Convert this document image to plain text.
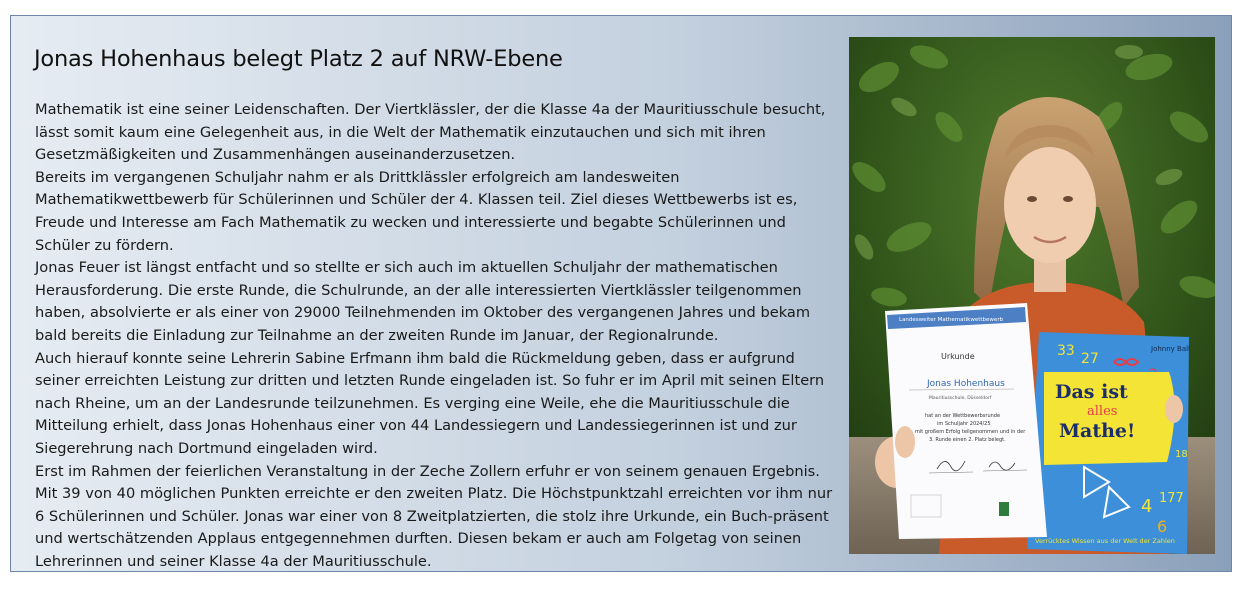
Jonas Hohenhaus belegt Platz 2 auf NRW-Ebene

Mathematik ist eine seiner Leidenschaften. Der Viertklässler, der die Klasse 4a der Mauritiusschule besucht, lässt somit kaum eine Gelegenheit aus, in die Welt der Mathematik einzutauchen und sich mit ihren Gesetzmäßigkeiten und Zusammenhängen auseinanderzusetzen.

Bereits im vergangenen Schuljahr nahm er als Drittklässler erfolgreich am landesweiten Mathematikwettbewerb für Schülerinnen und Schüler der 4. Klassen teil. Ziel dieses Wettbewerbs ist es, Freude und Interesse am Fach Mathematik zu wecken und interessierte und begabte Schülerinnen und Schüler zu fördern.

Jonas Feuer ist längst entfacht und so stellte er sich auch im aktuellen Schuljahr der mathematischen Herausforderung. Die erste Runde, die Schulrunde, an der alle interessierten Viertklässler teilgenommen haben, absolvierte er als einer von 29000 Teilnehmenden im Oktober des vergangenen Jahres und bekam bald bereits die Einladung zur Teilnahme an der zweiten Runde im Januar, der Regionalrunde.

Auch hierauf konnte seine Lehrerin Sabine Erfmann ihm bald die Rückmeldung geben, dass er aufgrund seiner erreichten Leistung zur dritten und letzten Runde eingeladen ist. So fuhr er im April mit seinen Eltern nach Rheine, um an der Landesrunde teilzunehmen. Es verging eine Weile, ehe die Mauritiusschule die Mitteilung erhielt, dass Jonas Hohenhaus einer von 44 Landessiegern und Landessiegerinnen ist und zur Siegerehrung nach Dortmund eingeladen wird.

Erst im Rahmen der feierlichen Veranstaltung in der Zeche Zollern erfuhr er von seinem genauen Ergebnis. Mit 39 von 40 möglichen Punkten erreichte er den zweiten Platz. Die Höchstpunktzahl erreichten vor ihm nur 6 Schülerinnen und Schüler. Jonas war einer von 8 Zweitplatzierten, die stolz ihre Urkunde, ein Buch-präsent und wertschätzenden Applaus entgegennehmen durften. Diesen bekam er auch am Folgetag von seinen Lehrerinnen und seiner Klasse 4a der Mauritiusschule.

Johnny Ball
33 27
Das ist
alles
Mathe!
18
4 177
6
Verrücktes Wissen aus der Welt der Zahlen
Landesweiter Mathematikwettbewerb
Urkunde
Jonas Hohenhaus
Mauritiusschule, Düsseldorf
hat an der Wettbewerbsrunde
im Schuljahr 2024/25
mit großem Erfolg teilgenommen und in der
3. Runde einen 2. Platz belegt.
